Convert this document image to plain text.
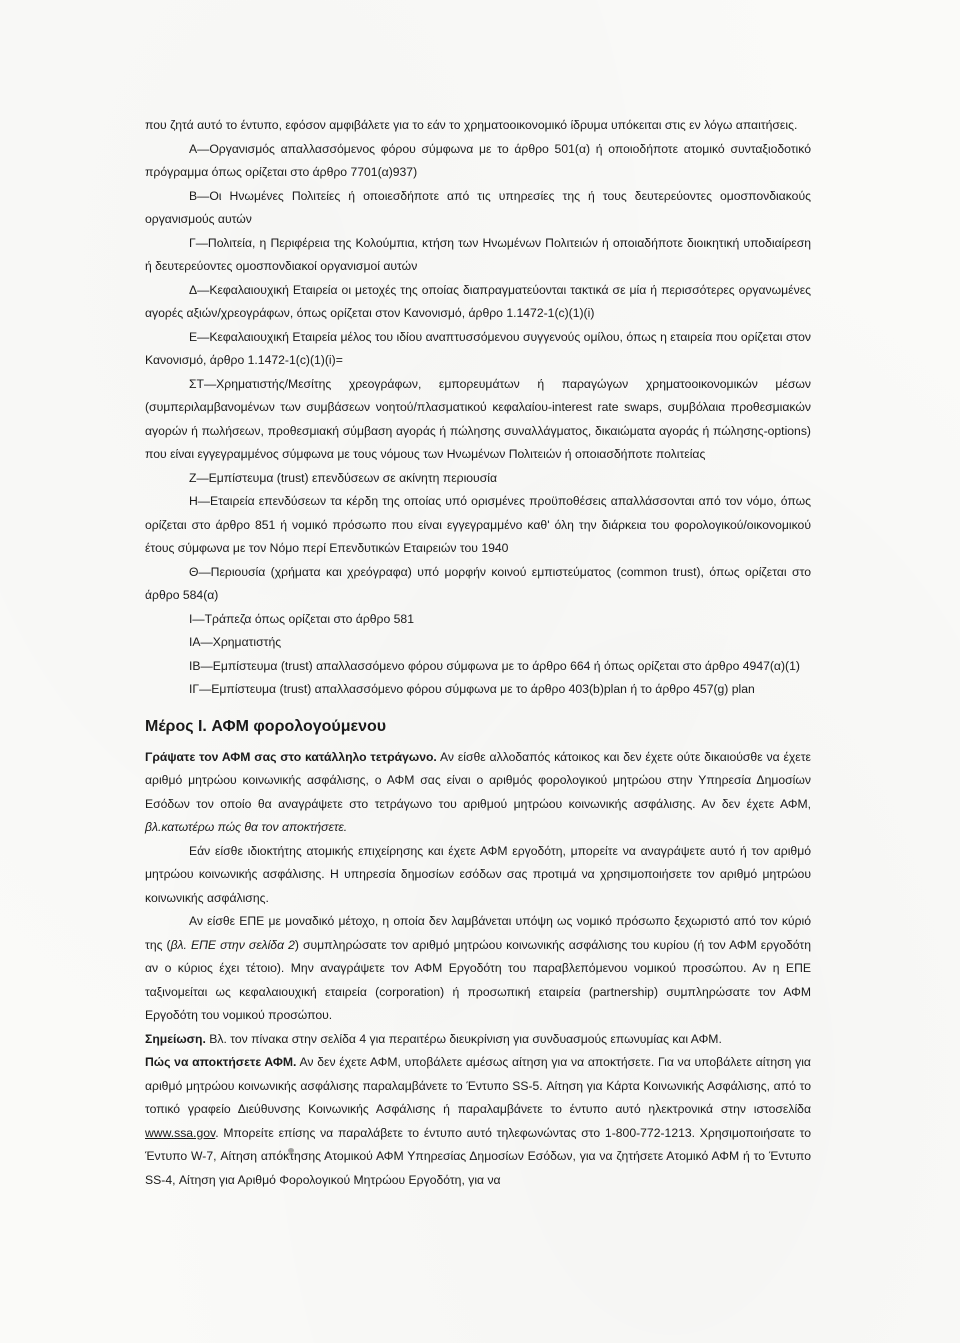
που ζητά αυτό το έντυπο, εφόσον αμφιβάλετε για το εάν το χρηματοοικονομικό ίδρυμα υπόκειται στις εν λόγω απαιτήσεις.

Α—Οργανισμός απαλλασσόμενος φόρου σύμφωνα με το άρθρο 501(α) ή οποιοδήποτε ατομικό συνταξιοδοτικό πρόγραμμα όπως ορίζεται στο άρθρο 7701(α)937)

Β—Οι Ηνωμένες Πολιτείες ή οποιεσδήποτε από τις υπηρεσίες της ή τους δευτερεύοντες ομοσπονδιακούς οργανισμούς αυτών

Γ—Πολιτεία, η Περιφέρεια της Κολούμπια, κτήση των Ηνωμένων Πολιτειών ή οποιαδήποτε διοικητική υποδιαίρεση ή δευτερεύοντες ομοσπονδιακοί οργανισμοί αυτών

Δ—Κεφαλαιουχική Εταιρεία οι μετοχές της οποίας διαπραγματεύονται τακτικά σε μία ή περισσότερες οργανωμένες αγορές αξιών/χρεογράφων, όπως ορίζεται στον Κανονισμό, άρθρο 1.1472-1(c)(1)(i)

Ε—Κεφαλαιουχική Εταιρεία μέλος του ιδίου αναπτυσσόμενου συγγενούς ομίλου, όπως η εταιρεία που ορίζεται στον Κανονισμό, άρθρο 1.1472-1(c)(1)(i)=

ΣΤ—Χρηματιστής/Μεσίτης χρεογράφων, εμπορευμάτων ή παραγώγων χρηματοοικονομικών μέσων (συμπεριλαμβανομένων των συμβάσεων νοητού/πλασματικού κεφαλαίου-interest rate swaps, συμβόλαια προθεσμιακών αγορών ή πωλήσεων, προθεσμιακή σύμβαση αγοράς ή πώλησης συναλλάγματος, δικαιώματα αγοράς ή πώλησης-options) που είναι εγγεγραμμένος σύμφωνα με τους νόμους των Ηνωμένων Πολιτειών ή οποιασδήποτε πολιτείας

Ζ—Εμπίστευμα (trust) επενδύσεων σε ακίνητη περιουσία

Η—Εταιρεία επενδύσεων τα κέρδη της οποίας υπό ορισμένες προϋποθέσεις απαλλάσσονται από τον νόμο, όπως ορίζεται στο άρθρο 851 ή νομικό πρόσωπο που είναι εγγεγραμμένο καθ' όλη την διάρκεια του φορολογικού/οικονομικού έτους σύμφωνα με τον Νόμο περί Επενδυτικών Εταιρειών του 1940

Θ—Περιουσία (χρήματα και χρεόγραφα) υπό μορφήν κοινού εμπιστεύματος (common trust), όπως ορίζεται στο άρθρο 584(α)

Ι—Τράπεζα όπως ορίζεται στο άρθρο 581

ΙΑ—Χρηματιστής

ΙΒ—Εμπίστευμα (trust) απαλλασσόμενο φόρου σύμφωνα με το άρθρο 664 ή όπως ορίζεται στο άρθρο 4947(α)(1)

ΙΓ—Εμπίστευμα (trust) απαλλασσόμενο φόρου σύμφωνα με το άρθρο 403(b)plan ή το άρθρο 457(g) plan

Μέρος I. ΑΦΜ φορολογούμενου

Γράψατε τον ΑΦΜ σας στο κατάλληλο τετράγωνο. Αν είσθε αλλοδαπός κάτοικος και δεν έχετε ούτε δικαιούσθε να έχετε αριθμό μητρώου κοινωνικής ασφάλισης, ο ΑΦΜ σας είναι ο αριθμός φορολογικού μητρώου στην Υπηρεσία Δημοσίων Εσόδων τον οποίο θα αναγράψετε στο τετράγωνο του αριθμού μητρώου κοινωνικής ασφάλισης. Αν δεν έχετε ΑΦΜ, βλ.κατωτέρω πώς θα τον αποκτήσετε.

Εάν είσθε ιδιοκτήτης ατομικής επιχείρησης και έχετε ΑΦΜ εργοδότη, μπορείτε να αναγράψετε αυτό ή τον αριθμό μητρώου κοινωνικής ασφάλισης. Η υπηρεσία δημοσίων εσόδων σας προτιμά να χρησιμοποιήσετε τον αριθμό μητρώου κοινωνικής ασφάλισης.

Αν είσθε ΕΠΕ με μοναδικό μέτοχο, η οποία δεν λαμβάνεται υπόψη ως νομικό πρόσωπο ξεχωριστό από τον κύριό της (βλ. ΕΠΕ στην σελίδα 2) συμπληρώσατε τον αριθμό μητρώου κοινωνικής ασφάλισης του κυρίου (ή τον ΑΦΜ εργοδότη αν ο κύριος έχει τέτοιο). Μην αναγράψετε τον ΑΦΜ Εργοδότη του παραβλεπόμενου νομικού προσώπου. Αν η ΕΠΕ ταξινομείται ως κεφαλαιουχική εταιρεία (corporation) ή προσωπική εταιρεία (partnership) συμπληρώσατε τον ΑΦΜ Εργοδότη του νομικού προσώπου.

Σημείωση. Βλ. τον πίνακα στην σελίδα 4 για περαιτέρω διευκρίνιση για συνδυασμούς επωνυμίας και ΑΦΜ.

Πώς να αποκτήσετε ΑΦΜ. Αν δεν έχετε ΑΦΜ, υποβάλετε αμέσως αίτηση για να αποκτήσετε. Για να υποβάλετε αίτηση για αριθμό μητρώου κοινωνικής ασφάλισης παραλαμβάνετε το Έντυπο SS-5. Αίτηση για Κάρτα Κοινωνικής Ασφάλισης, από το τοπικό γραφείο Διεύθυνσης Κοινωνικής Ασφάλισης ή παραλαμβάνετε το έντυπο αυτό ηλεκτρονικά στην ιστοσελίδα www.ssa.gov. Μπορείτε επίσης να παραλάβετε το έντυπο αυτό τηλεφωνώντας στο 1-800-772-1213. Χρησιμοποιήσατε το Έντυπο W-7, Αίτηση απόκτησης Ατομικού ΑΦΜ Υπηρεσίας Δημοσίων Εσόδων, για να ζητήσετε Ατομικό ΑΦΜ ή το Έντυπο SS-4, Αίτηση για Αριθμό Φορολογικού Μητρώου Εργοδότη, για να
